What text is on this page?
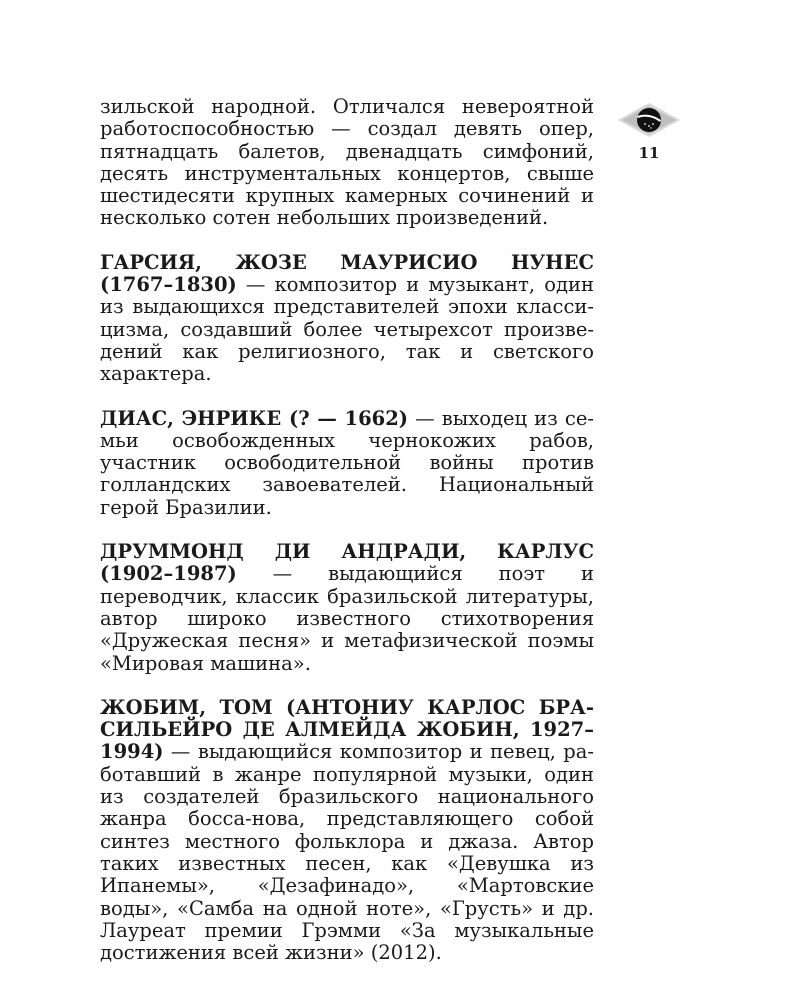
зильской народной. Отличался невероятной работоспособностью — создал девять опер, пятнадцать балетов, двенадцать симфоний, десять инструментальных концертов, свыше шестидесяти крупных камерных сочинений и несколько сотен небольших произведений.

ГАРСИЯ, ЖОЗЕ МАУРИСИО НУНЕС (1767–1830) — композитор и музыкант, один из выдающихся представителей эпохи классицизма, создавший более четырехсот произведений как религиозного, так и светского характера.

ДИАС, ЭНРИКЕ (? — 1662) — выходец из семьи освобожденных чернокожих рабов, участник освободительной войны против голландских завоевателей. Национальный герой Бразилии.

ДРУММОНД ДИ АНДРАДИ, КАРЛУС (1902–1987) — выдающийся поэт и переводчик, классик бразильской литературы, автор широко известного стихотворения «Дружеская песня» и метафизической поэмы «Мировая машина».

ЖОБИМ, ТОМ (АНТОНИУ КАРЛОС БРАСИЛЬЕЙРО ДЕ АЛМЕЙДА ЖОБИН, 1927–1994) — выдающийся композитор и певец, работавший в жанре популярной музыки, один из создателей бразильского национального жанра босса-нова, представляющего собой синтез местного фольклора и джаза. Автор таких известных песен, как «Девушка из Ипанемы», «Дезафинадо», «Мартовские воды», «Самба на одной ноте», «Грусть» и др. Лауреат премии Грэмми «За музыкальные достижения всей жизни» (2012).

11
